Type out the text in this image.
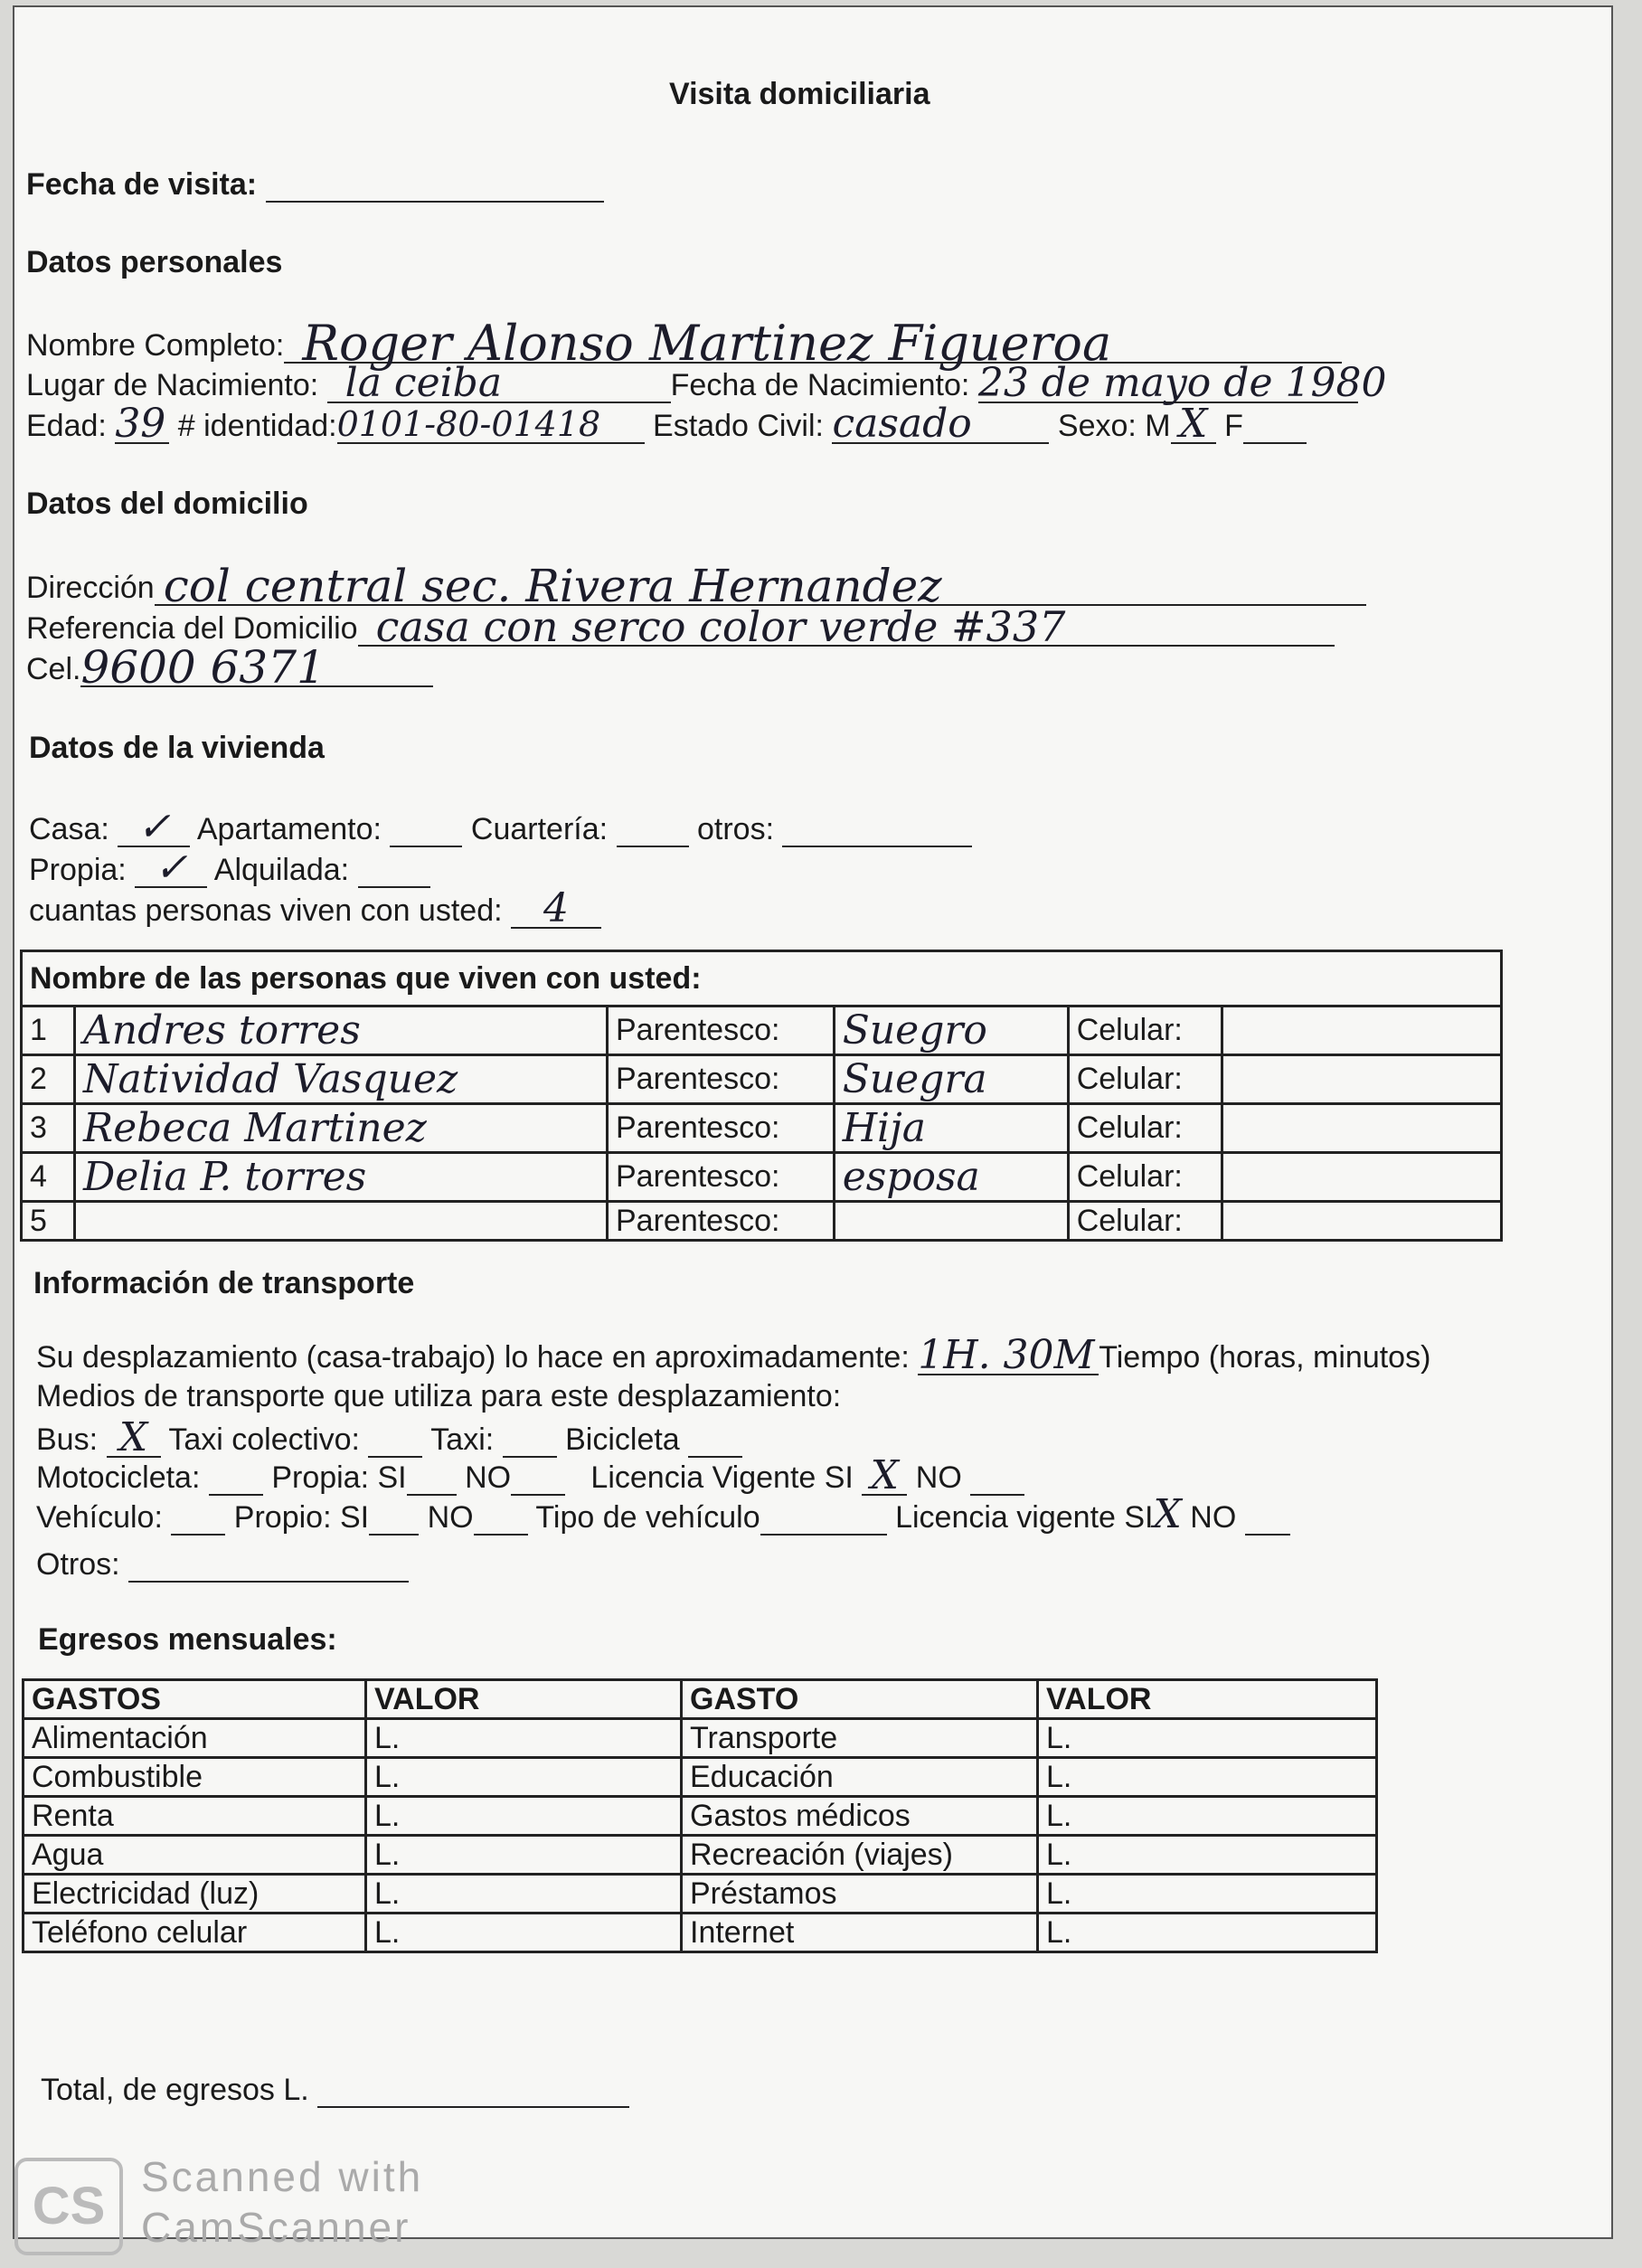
Visita domiciliaria
Fecha de visita:
Datos personales
Nombre Completo: Roger Alonso Martinez Figueroa
Lugar de Nacimiento: la ceiba	Fecha de Nacimiento: 23 de mayo de 1980
Edad: 39 # identidad:0101-80-01418 Estado Civil: casado	Sexo: M X F
Datos del domicilio
Dirección col central sec. Rivera Hernandez
Referencia del Domicilio casa con serco color verde #337
Cel.9600 6371
Datos de la vivienda
Casa: ✓ Apartamento:	Cuartería:	otros:
Propia: ✓ Alquilada:
cuantas personas viven con usted: 4
Nombre de las personas que viven con usted:					
1	Andres torres	Parentesco:	Suegro	Celular:	
2	Natividad Vasquez	Parentesco:	Suegra	Celular:	
3	Rebeca Martinez	Parentesco:	Hija	Celular:	
4	Delia P. torres	Parentesco:	esposa	Celular:	
5		Parentesco:		Celular:	
Información de transporte
Su desplazamiento (casa-trabajo) lo hace en aproximadamente: 1H. 30M Tiempo (horas, minutos)
Medios de transporte que utiliza para este desplazamiento:
Bus: X Taxi colectivo: Taxi: Bicicleta
Motocicleta: Propia: SI NO	Licencia Vigente SI X NO
Vehículo: Propio: SI NO Tipo de vehículo	Licencia vigente SIX NO
Otros:
Egresos mensuales:
GASTOS	VALOR	GASTO	VALOR
Alimentación	L.	Transporte	L.
Combustible	L.	Educación	L.
Renta	L.	Gastos médicos	L.
Agua	L.	Recreación (viajes)	L.
Electricidad (luz)	L.	Préstamos	L.
Teléfono celular	L.	Internet	L.
Total, de egresos L.
CS Scanned with
CamScanner
